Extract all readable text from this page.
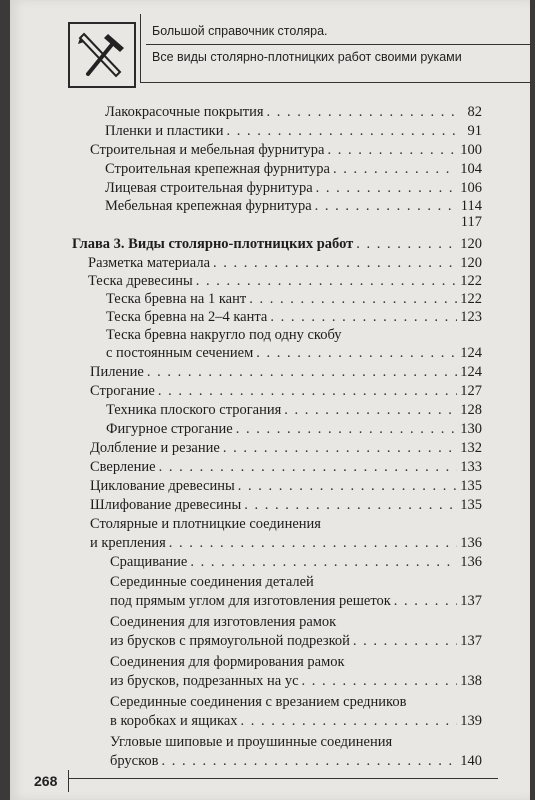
Большой справочник столяра.
Все виды столярно-плотницких работ своими руками
Лакокрасочные покрытия . . .	82
Пленки и пластики . . .	91
Строительная и мебельная фурнитура . . .	100
Строительная крепежная фурнитура . . .	104
Лицевая строительная фурнитура . . .	106
Мебельная крепежная фурнитура . . .	114
117
Глава 3. Виды столярно-плотницких работ . . .	120
Разметка материала . . .	120
Теска древесины . . .	122
Теска бревна на 1 кант . . .	122
Теска бревна на 2–4 канта . . .	123
Теска бревна накругло под одну скобу
с постоянным сечением . . .	124
Пиление . . .	124
Строгание . . .	127
Техника плоского строгания . . .	128
Фигурное строгание . . .	130
Долбление и резание . . .	132
Сверление . . .	133
Циклование древесины . . .	135
Шлифование древесины . . .	135
Столярные и плотницкие соединения
и крепления . . .	136
Сращивание . . .	136
Серединные соединения деталей
под прямым углом для изготовления решеток . . .	137
Соединения для изготовления рамок
из брусков с прямоугольной подрезкой . . .	137
Соединения для формирования рамок
из брусков, подрезанных на ус . . .	138
Серединные соединения с врезанием средников
в коробках и ящиках . . .	139
Угловые шиповые и проушинные соединения
брусков . . .	140
268
